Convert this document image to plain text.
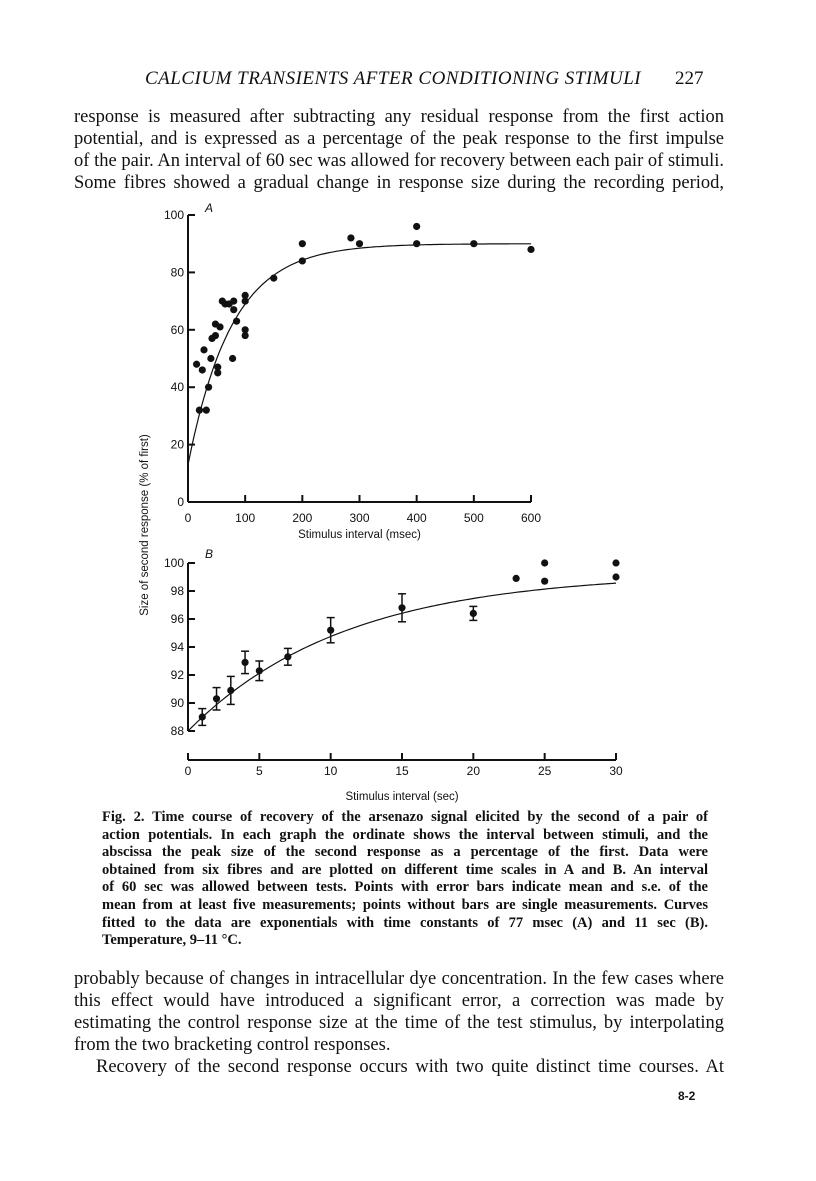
CALCIUM TRANSIENTS AFTER CONDITIONING STIMULI 227

response is measured after subtracting any residual response from the first action
potential, and is expressed as a percentage of the peak response to the first impulse
of the pair. An interval of 60 sec was allowed for recovery between each pair of stimuli.
Some fibres showed a gradual change in response size during the recording period,

0
20
40
60
80
100
0	100	200	300	400	500	600
Stimulus interval (msec)
A
88
90
92
94
96
98
100
0	5	10	15	20	25	30
Stimulus interval (sec)
B
Size of second response (% of first)

Fig. 2. Time course of recovery of the arsenazo signal elicited by the second of a pair of
action potentials. In each graph the ordinate shows the interval between stimuli, and the
abscissa the peak size of the second response as a percentage of the first. Data were
obtained from six fibres and are plotted on different time scales in A and B. An interval
of 60 sec was allowed between tests. Points with error bars indicate mean and s.e. of the
mean from at least five measurements; points without bars are single measurements. Curves
fitted to the data are exponentials with time constants of 77 msec (A) and 11 sec (B).
Temperature, 9–11 °C.

probably because of changes in intracellular dye concentration. In the few cases where
this effect would have introduced a significant error, a correction was made by
estimating the control response size at the time of the test stimulus, by interpolating
from the two bracketing control responses.
Recovery of the second response occurs with two quite distinct time courses. At

8-2
